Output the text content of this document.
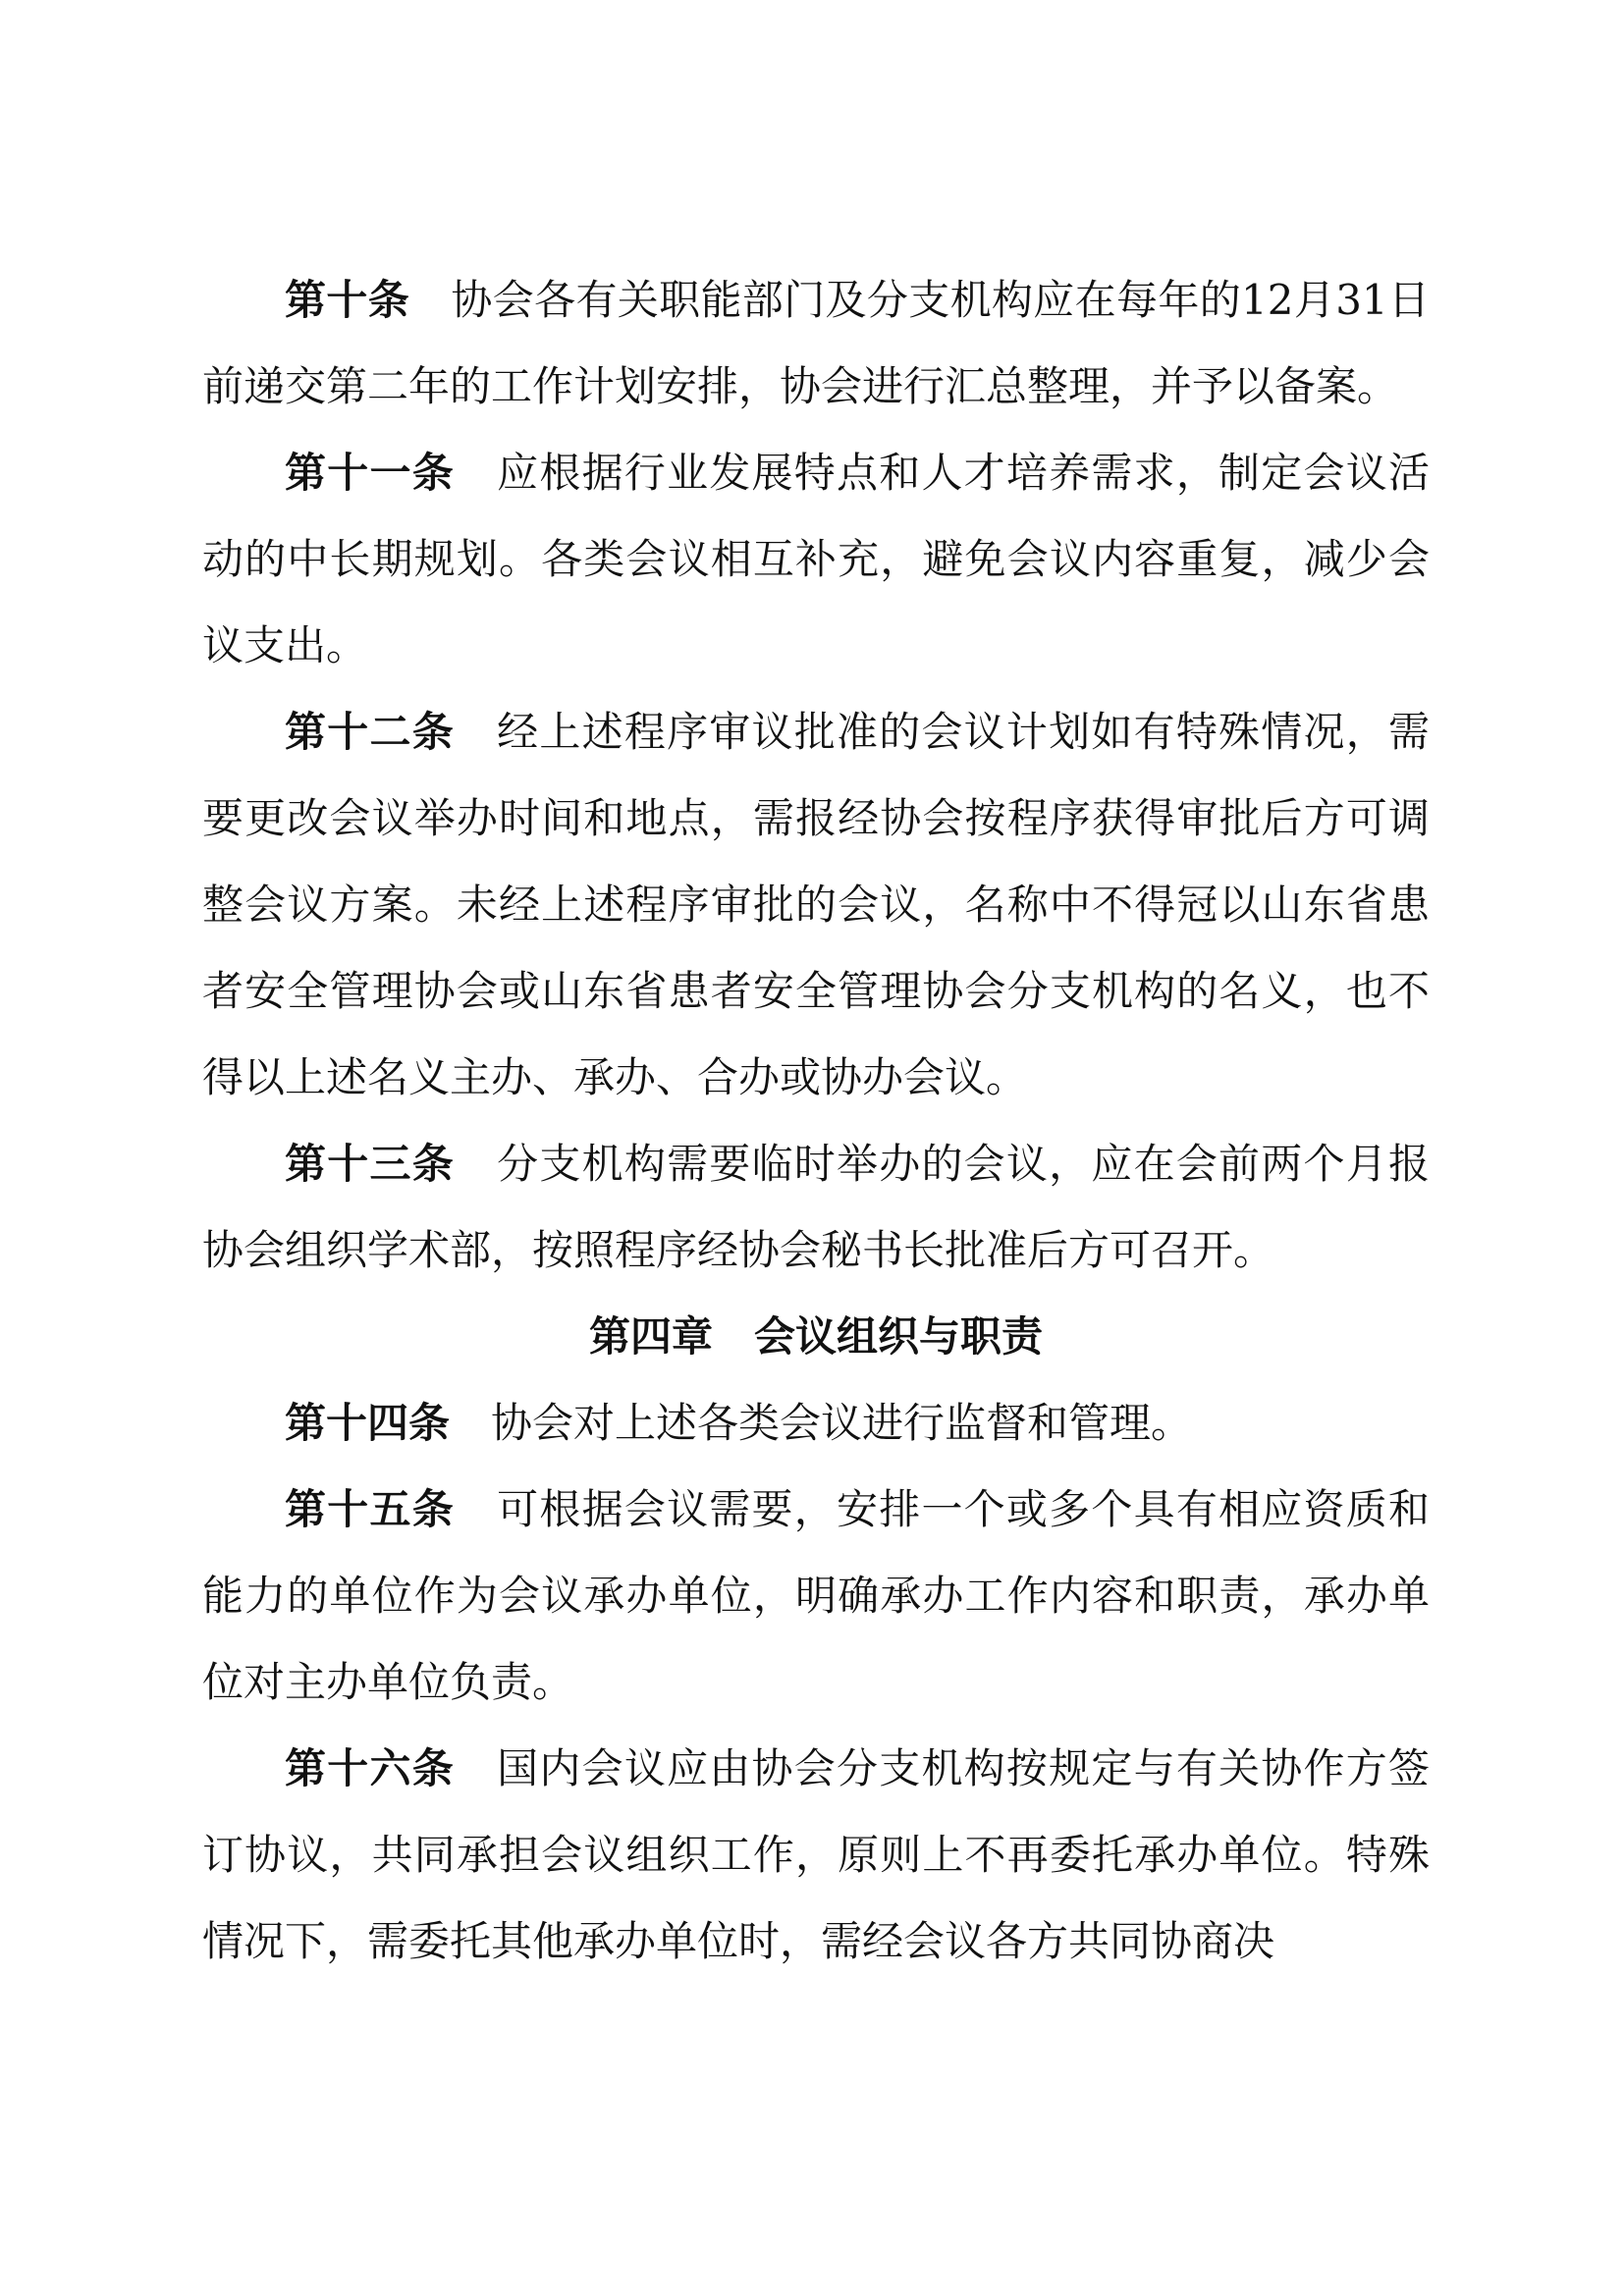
第十条 协会各有关职能部门及分支机构应在每年的12月31日前递交第二年的工作计划安排，协会进行汇总整理，并予以备案。

第十一条 应根据行业发展特点和人才培养需求，制定会议活动的中长期规划。各类会议相互补充，避免会议内容重复，减少会议支出。

第十二条 经上述程序审议批准的会议计划如有特殊情况，需要更改会议举办时间和地点，需报经协会按程序获得审批后方可调整会议方案。未经上述程序审批的会议，名称中不得冠以山东省患者安全管理协会或山东省患者安全管理协会分支机构的名义，也不得以上述名义主办、承办、合办或协办会议。

第十三条 分支机构需要临时举办的会议，应在会前两个月报协会组织学术部，按照程序经协会秘书长批准后方可召开。

第四章 会议组织与职责

第十四条 协会对上述各类会议进行监督和管理。

第十五条 可根据会议需要，安排一个或多个具有相应资质和能力的单位作为会议承办单位，明确承办工作内容和职责，承办单位对主办单位负责。

第十六条 国内会议应由协会分支机构按规定与有关协作方签订协议，共同承担会议组织工作，原则上不再委托承办单位。特殊情况下，需委托其他承办单位时，需经会议各方共同协商决
